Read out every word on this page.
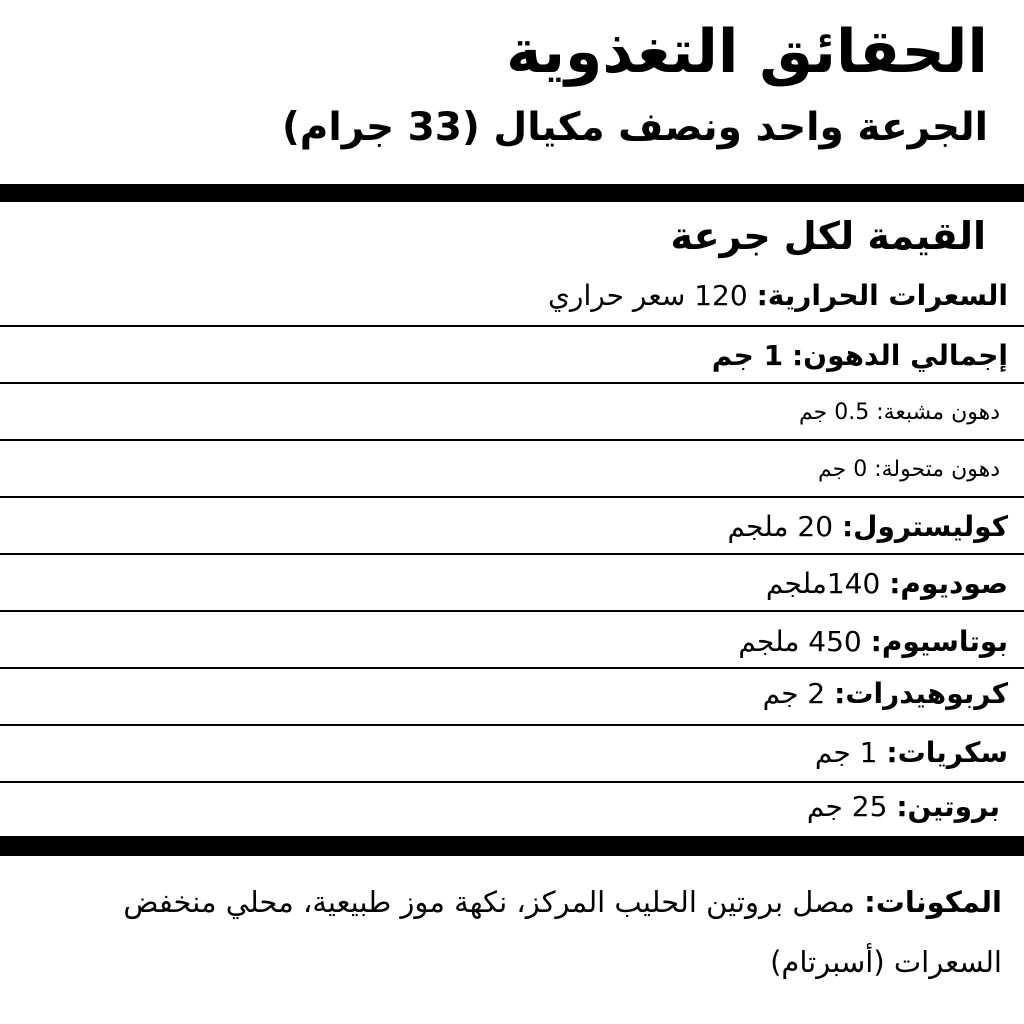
الحقائق التغذوية
الجرعة واحد ونصف مكيال (33 جرام)
القيمة لكل جرعة
السعرات الحرارية: 120 سعر حراري
إجمالي الدهون: 1 جم
دهون مشبعة: 0.5 جم
دهون متحولة: 0 جم
كوليسترول: 20 ملجم
صوديوم: 140ملجم
بوتاسيوم: 450 ملجم
كربوهيدرات: 2 جم
سكريات: 1 جم
بروتين: 25 جم
المكونات: مصل بروتين الحليب المركز، نكهة موز طبيعية، محلي منخفض السعرات (أسبرتام)
